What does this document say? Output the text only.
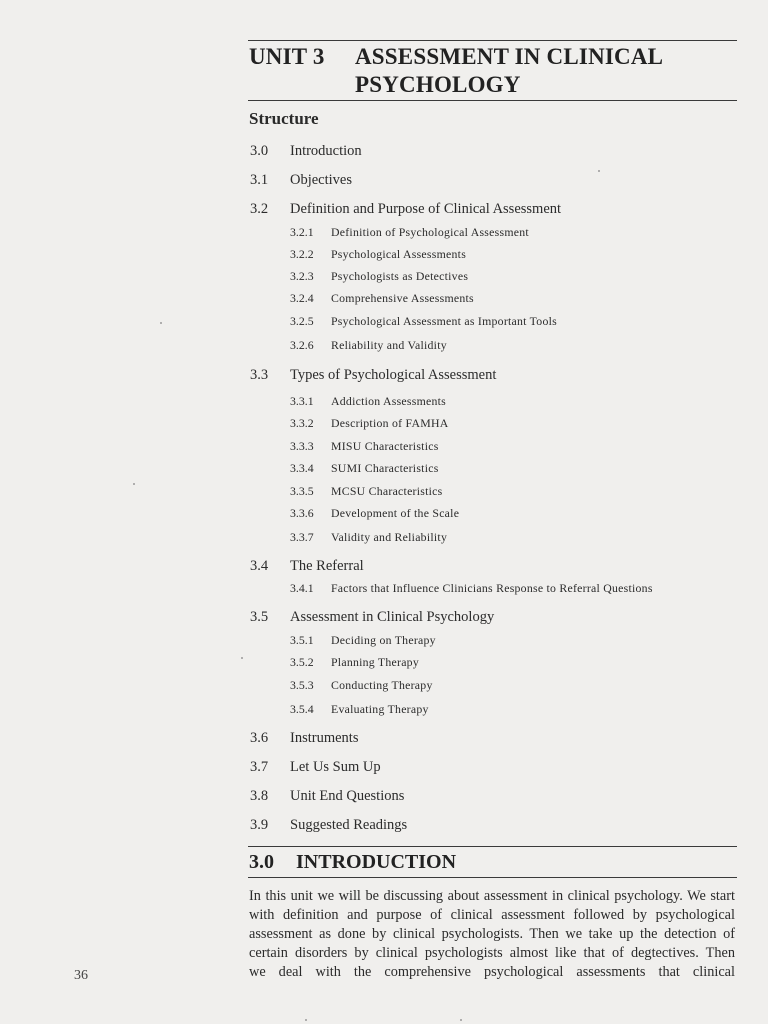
UNIT 3 ASSESSMENT IN CLINICAL
PSYCHOLOGY
Structure
3.0 Introduction
3.1 Objectives
3.2 Definition and Purpose of Clinical Assessment
3.2.1 Definition of Psychological Assessment
3.2.2 Psychological Assessments
3.2.3 Psychologists as Detectives
3.2.4 Comprehensive Assessments
3.2.5 Psychological Assessment as Important Tools
3.2.6 Reliability and Validity
3.3 Types of Psychological Assessment
3.3.1 Addiction Assessments
3.3.2 Description of FAMHA
3.3.3 MISU Characteristics
3.3.4 SUMI Characteristics
3.3.5 MCSU Characteristics
3.3.6 Development of the Scale
3.3.7 Validity and Reliability
3.4 The Referral
3.4.1 Factors that Influence Clinicians Response to Referral Questions
3.5 Assessment in Clinical Psychology
3.5.1 Deciding on Therapy
3.5.2 Planning Therapy
3.5.3 Conducting Therapy
3.5.4 Evaluating Therapy
3.6 Instruments
3.7 Let Us Sum Up
3.8 Unit End Questions
3.9 Suggested Readings
3.0 INTRODUCTION
In this unit we will be discussing about assessment in clinical psychology. We start
with definition and purpose of clinical assessment followed by psychological
assessment as done by clinical psychologists. Then we take up the detection of
certain disorders by clinical psychologists almost like that of degtectives. Then
we deal with the comprehensive psychological assessments that clinical
36
